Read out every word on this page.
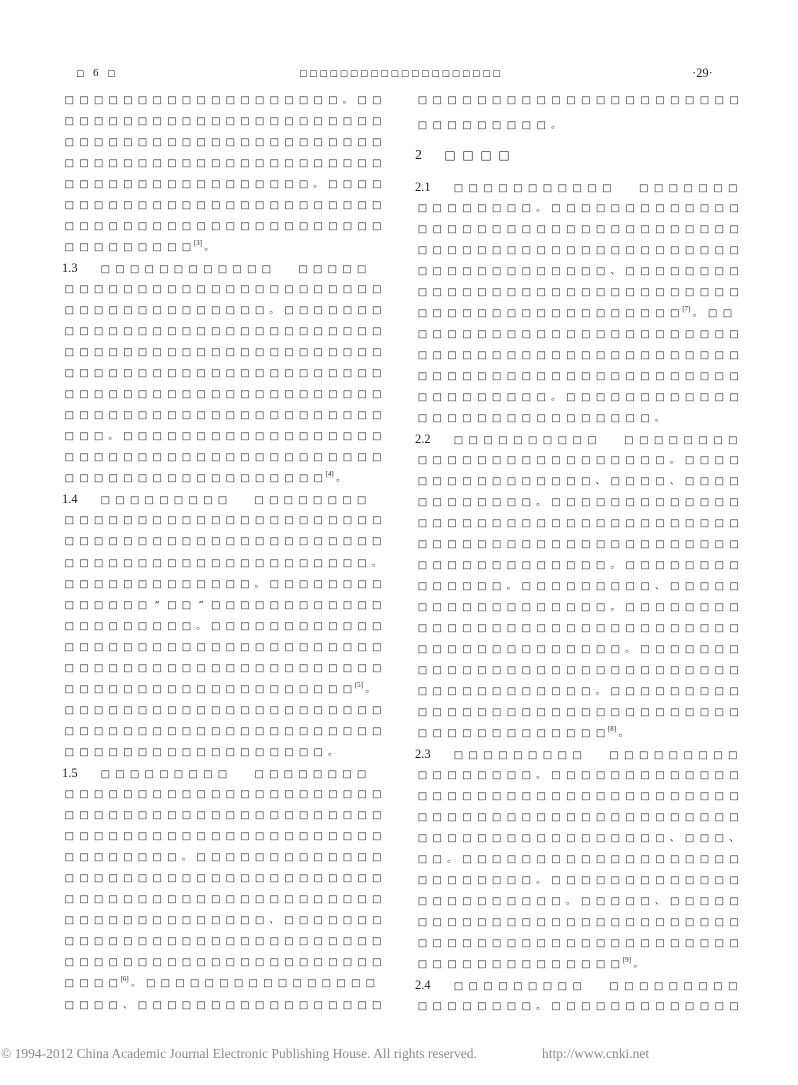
□ 6 □	□ □ □ □ □ □ □ □ □ □ □ □ □ □ □ □ □ □ □ □	·29·
□ □ □ □ □ □ □ □ □ □ □ □ □ □ □ □ □ □ □ 。 □ □
□ □ □ □ □ □ □ □ □ □ □ □ □ □ □ □ □ □ □ □ □ □
□ □ □ □ □ □ □ □ □ □ □ □ □ □ □ □ □ □ □ □ □ □
□ □ □ □ □ □ □ □ □ □ □ □ □ □ □ □ □ □ □ □ □ □
□ □ □ □ □ □ □ □ □ □ □ □ □ □ □ □ □ 。 □ □ □ □
□ □ □ □ □ □ □ □ □ □ □ □ □ □ □ □ □ □ □ □ □ □
□ □ □ □ □ □ □ □ □ □ □ □ □ □ □ □ □ □ □ □ □ □
□ □ □ □ □ □ □ □ □ [3] 。
1.3 □ □ □ □ □ □ □ □ □ □ □ □	□ □ □ □ □
□ □ □ □ □ □ □ □ □ □ □ □ □ □ □ □ □ □ □ □ □ □
□ □ □ □ □ □ □ □ □ □ □ □ □ □ 。 □ □ □ □ □ □ □
□ □ □ □ □ □ □ □ □ □ □ □ □ □ □ □ □ □ □ □ □ □
□ □ □ □ □ □ □ □ □ □ □ □ □ □ □ □ □ □ □ □ □ □
□ □ □ □ □ □ □ □ □ □ □ □ □ □ □ □ □ □ □ □ □ □
□ □ □ □ □ □ □ □ □ □ □ □ □ □ □ □ □ □ □ □ □ □
□ □ □ □ □ □ □ □ □ □ □ □ □ □ □ □ □ □ □ □ □ □
□ □ □ 。 □ □ □ □ □ □ □ □ □ □ □ □ □ □ □ □ □ □
□ □ □ □ □ □ □ □ □ □ □ □ □ □ □ □ □ □ □ □ □ □
□ □ □ □ □ □ □ □ □ □ □ □ □ □ □ □ □ □ [4] 。
1.4 □ □ □ □ □ □ □ □ □	□ □ □ □ □ □ □ □
□ □ □ □ □ □ □ □ □ □ □ □ □ □ □ □ □ □ □ □ □ □
□ □ □ □ □ □ □ □ □ □ □ □ □ □ □ □ □ □ □ □ □ □
□ □ □ □ □ □ □ □ □ □ □ □ □ □ □ □ □ □ □ □ □ 。
□ □ □ □ □ □ □ □ □ □ □ □ □ 。 □ □ □ □ □ □ □ □
□ □ □ □ □ □ “ □ □ ” □ □ □ □ □ □ □ □ □ □ □ □
□ □ □ □ □ □ □ □ □ 。 □ □ □ □ □ □ □ □ □ □ □ □
□ □ □ □ □ □ □ □ □ □ □ □ □ □ □ □ □ □ □ □ □ □
□ □ □ □ □ □ □ □ □ □ □ □ □ □ □ □ □ □ □ □ □ □
□ □ □ □ □ □ □ □ □ □ □ □ □ □ □ □ □ □ □ □ [5] 。
□ □ □ □ □ □ □ □ □ □ □ □ □ □ □ □ □ □ □ □ □ □
□ □ □ □ □ □ □ □ □ □ □ □ □ □ □ □ □ □ □ □ □ □
□ □ □ □ □ □ □ □ □ □ □ □ □ □ □ □ □ □ 。
1.5 □ □ □ □ □ □ □ □ □	□ □ □ □ □ □ □ □
□ □ □ □ □ □ □ □ □ □ □ □ □ □ □ □ □ □ □ □ □ □
□ □ □ □ □ □ □ □ □ □ □ □ □ □ □ □ □ □ □ □ □ □
□ □ □ □ □ □ □ □ □ □ □ □ □ □ □ □ □ □ □ □ □ □
□ □ □ □ □ □ □ □ 。 □ □ □ □ □ □ □ □ □ □ □ □ □
□ □ □ □ □ □ □ □ □ □ □ □ □ □ □ □ □ □ □ □ □ □
□ □ □ □ □ □ □ □ □ □ □ □ □ □ □ □ □ □ □ □ □ □
□ □ □ □ □ □ □ □ □ □ □ □ □ □ 、 □ □ □ □ □ □ □
□ □ □ □ □ □ □ □ □ □ □ □ □ □ □ □ □ □ □ □ □ □
□ □ □ □ □ □ □ □ □ □ □ □ □ □ □ □ □ □ □ □ □ □
□ □ □ □ [6] 。 □ □ □ □ □ □ □ □ □ □ □ □ □ □ □ □
□ □ □ □ 、 □ □ □ □ □ □ □ □ □ □ □ □ □ □ □ □ □
□ □ □ □ □ □ □ □ □ □ □ □ □ □ □ □ □ □ □ □ □ □
□ □ □ □ □ □ □ □ □ 。
2 □ □ □ □
2.1 □ □ □ □ □ □ □ □ □ □ □	□ □ □ □ □ □ □
□ □ □ □ □ □ □ □ 。 □ □ □ □ □ □ □ □ □ □ □ □ □
□ □ □ □ □ □ □ □ □ □ □ □ □ □ □ □ □ □ □ □ □ □
□ □ □ □ □ □ □ □ □ □ □ □ □ □ □ □ □ □ □ □ □ □
□ □ □ □ □ □ □ □ □ □ □ □ □ 、 □ □ □ □ □ □ □ □
□ □ □ □ □ □ □ □ □ □ □ □ □ □ □ □ □ □ □ □ □ □
□ □ □ □ □ □ □ □ □ □ □ □ □ □ □ □ □ □ [7] 。 □ □
□ □ □ □ □ □ □ □ □ □ □ □ □ □ □ □ □ □ □ □ □ □
□ □ □ □ □ □ □ □ □ □ □ □ □ □ □ □ □ □ □ □ □ □
□ □ □ □ □ □ □ □ □ □ □ □ □ □ □ □ □ □ □ □ □ □
□ □ □ □ □ □ □ □ □ 。 □ □ □ □ □ □ □ □ □ □ □ □
□ □ □ □ □ □ □ □ □ □ □ □ □ □ □ □ 。
2.2 □ □ □ □ □ □ □ □ □ □	□ □ □ □ □ □ □ □
□ □ □ □ □ □ □ □ □ □ □ □ □ □ □ □ □ 。 □ □ □ □
□ □ □ □ □ □ □ □ □ □ □ □ 、 □ □ □ □ 、 □ □ □ □
□ □ □ □ □ □ □ □ 。 □ □ □ □ □ □ □ □ □ □ □ □ □
□ □ □ □ □ □ □ □ □ □ □ □ □ □ □ □ □ □ □ □ □ □
□ □ □ □ □ □ □ □ □ □ □ □ □ □ □ □ □ □ □ □ □ □
□ □ □ □ □ □ □ □ □ □ □ □ □ 。 □ □ □ □ □ □ □ □
□ □ □ □ □ □ 。 □ □ □ □ □ □ □ □ □ 、 □ □ □ □ □
□ □ □ □ □ □ □ □ □ □ □ □ □ 。 □ □ □ □ □ □ □ □
□ □ □ □ □ □ □ □ □ □ □ □ □ □ □ □ □ □ □ □ □ □
□ □ □ □ □ □ □ □ □ □ □ □ □ □ 。 □ □ □ □ □ □ □
□ □ □ □ □ □ □ □ □ □ □ □ □ □ □ □ □ □ □ □ □ □
□ □ □ □ □ □ □ □ □ □ □ □ 。 □ □ □ □ □ □ □ □ □
□ □ □ □ □ □ □ □ □ □ □ □ □ □ □ □ □ □ □ □ □ □
□ □ □ □ □ □ □ □ □ □ □ □ □ [8] 。
2.3 □ □ □ □ □ □ □ □ □	□ □ □ □ □ □ □ □ □
□ □ □ □ □ □ □ □ 。 □ □ □ □ □ □ □ □ □ □ □ □ □
□ □ □ □ □ □ □ □ □ □ □ □ □ □ □ □ □ □ □ □ □ □
□ □ □ □ □ □ □ □ □ □ □ □ □ □ □ □ □ □ □ □ □ □
□ □ □ □ □ □ □ □ □ □ □ □ □ □ □ □ □ 、 □ □ □ 、
□ □ 。 □ □ □ □ □ □ □ □ □ □ □ □ □ □ □ □ □ □ □
□ □ □ □ □ □ □ □ 。 □ □ □ □ □ □ □ □ □ □ □ □ □
□ □ □ □ □ □ □ □ □ □ 。 □ □ □ □ □ 、 □ □ □ □ □
□ □ □ □ □ □ □ □ □ □ □ □ □ □ □ □ □ □ □ □ □ □
□ □ □ □ □ □ □ □ □ □ □ □ □ □ □ □ □ □ □ □ □ □
□ □ □ □ □ □ □ □ □ □ □ □ □ □ [9] 。
2.4 □ □ □ □ □ □ □ □ □	□ □ □ □ □ □ □ □ □
□ □ □ □ □ □ □ □ 。 □ □ □ □ □ □ □ □ □ □ □ □ □
© 1994-2012 China Academic Journal Electronic Publishing House. All rights reserved.	http://www.cnki.net
